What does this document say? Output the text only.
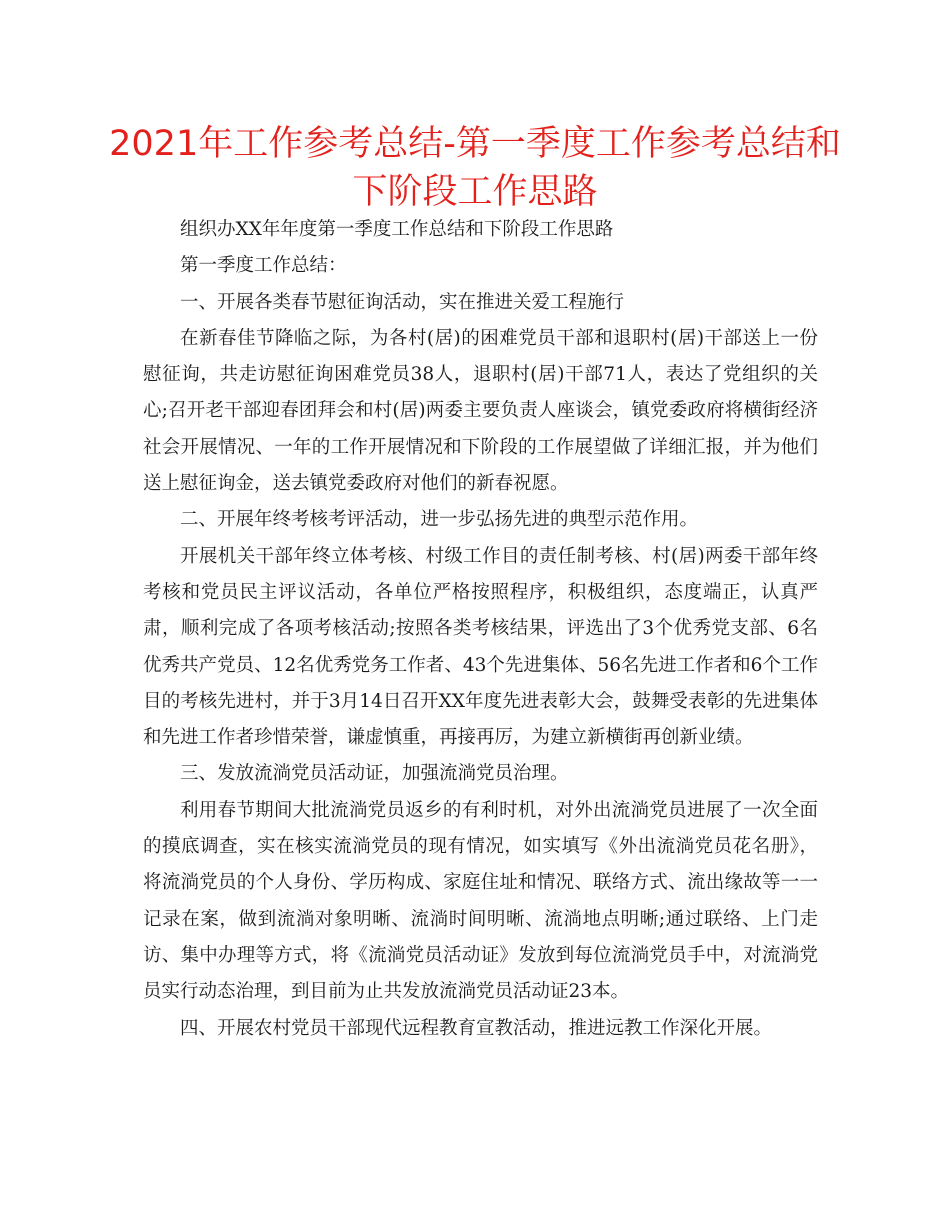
2021年工作参考总结-第一季度工作参考总结和下阶段工作思路

组织办XX年年度第一季度工作总结和下阶段工作思路

第一季度工作总结：

一、开展各类春节慰征询活动，实在推进关爱工程施行

在新春佳节降临之际，为各村(居)的困难党员干部和退职村(居)干部送上一份慰征询，共走访慰征询困难党员38人，退职村(居)干部71人，表达了党组织的关心;召开老干部迎春团拜会和村(居)两委主要负责人座谈会，镇党委政府将横街经济社会开展情况、一年的工作开展情况和下阶段的工作展望做了详细汇报，并为他们送上慰征询金，送去镇党委政府对他们的新春祝愿。

二、开展年终考核考评活动，进一步弘扬先进的典型示范作用。

开展机关干部年终立体考核、村级工作目的责任制考核、村(居)两委干部年终考核和党员民主评议活动，各单位严格按照程序，积极组织，态度端正，认真严肃，顺利完成了各项考核活动;按照各类考核结果，评选出了3个优秀党支部、6名优秀共产党员、12名优秀党务工作者、43个先进集体、56名先进工作者和6个工作目的考核先进村，并于3月14日召开XX年度先进表彰大会，鼓舞受表彰的先进集体和先进工作者珍惜荣誉，谦虚慎重，再接再厉，为建立新横街再创新业绩。

三、发放流淌党员活动证，加强流淌党员治理。

利用春节期间大批流淌党员返乡的有利时机，对外出流淌党员进展了一次全面的摸底调查，实在核实流淌党员的现有情况，如实填写《外出流淌党员花名册》，将流淌党员的个人身份、学历构成、家庭住址和情况、联络方式、流出缘故等一一记录在案，做到流淌对象明晰、流淌时间明晰、流淌地点明晰;通过联络、上门走访、集中办理等方式，将《流淌党员活动证》发放到每位流淌党员手中，对流淌党员实行动态治理，到目前为止共发放流淌党员活动证23本。

四、开展农村党员干部现代远程教育宣教活动，推进远教工作深化开展。
